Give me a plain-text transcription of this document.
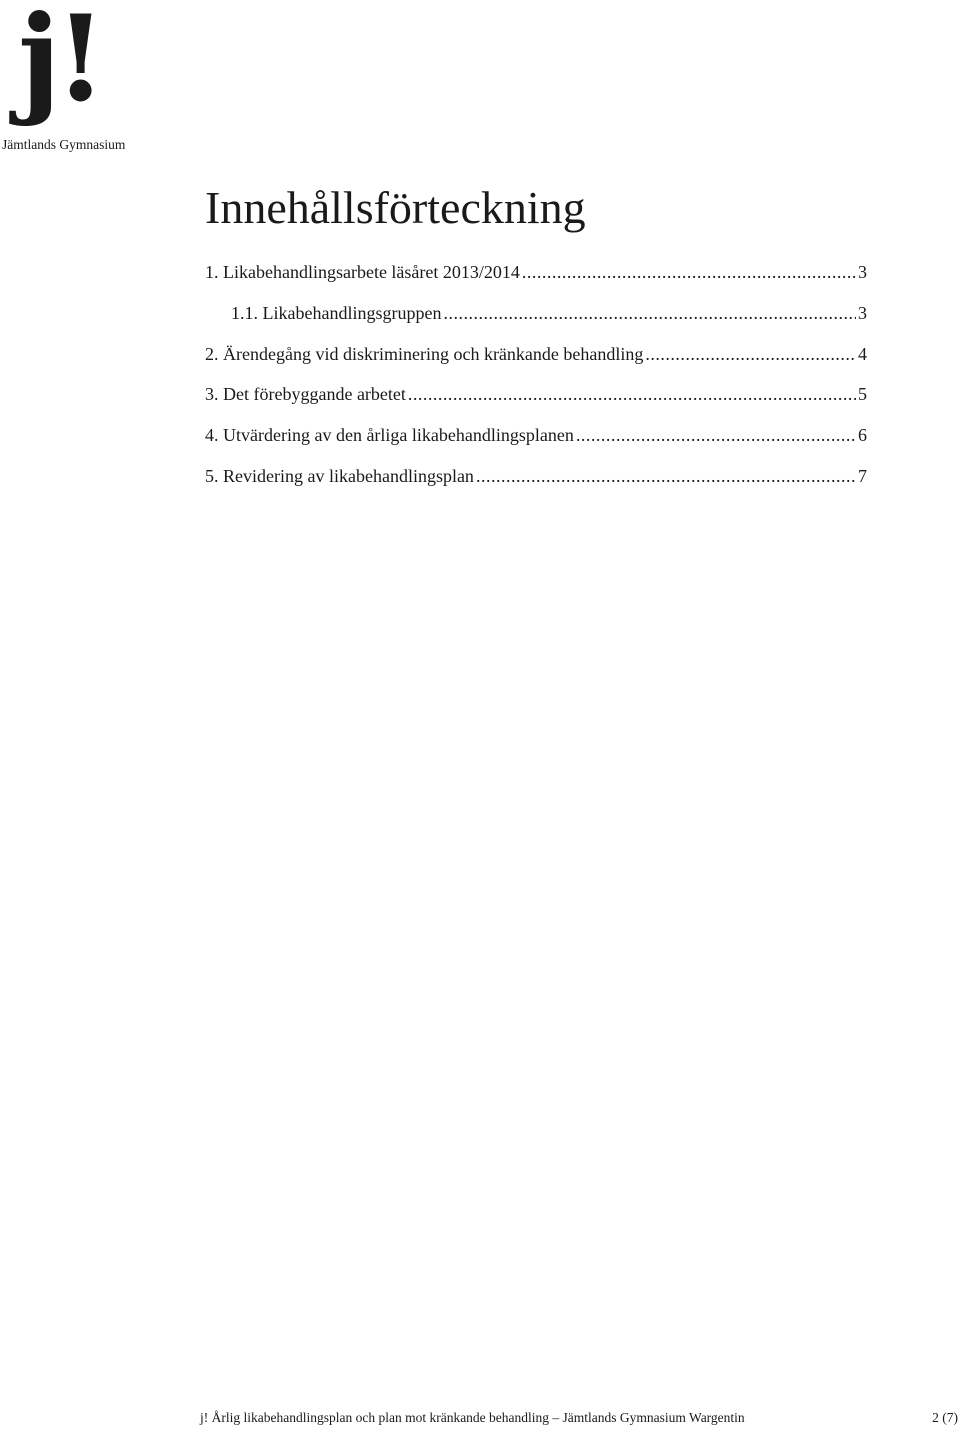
j!
Jämtlands Gymnasium
Innehållsförteckning
1. Likabehandlingsarbete läsåret 2013/2014 .....	3
1.1. Likabehandlingsgruppen .....	3
2. Ärendegång vid diskriminering och kränkande behandling .....	4
3. Det förebyggande arbetet .....	5
4. Utvärdering av den årliga likabehandlingsplanen .....	6
5. Revidering av likabehandlingsplan .....	7
j! Årlig likabehandlingsplan och plan mot kränkande behandling – Jämtlands Gymnasium Wargentin	2 (7)
